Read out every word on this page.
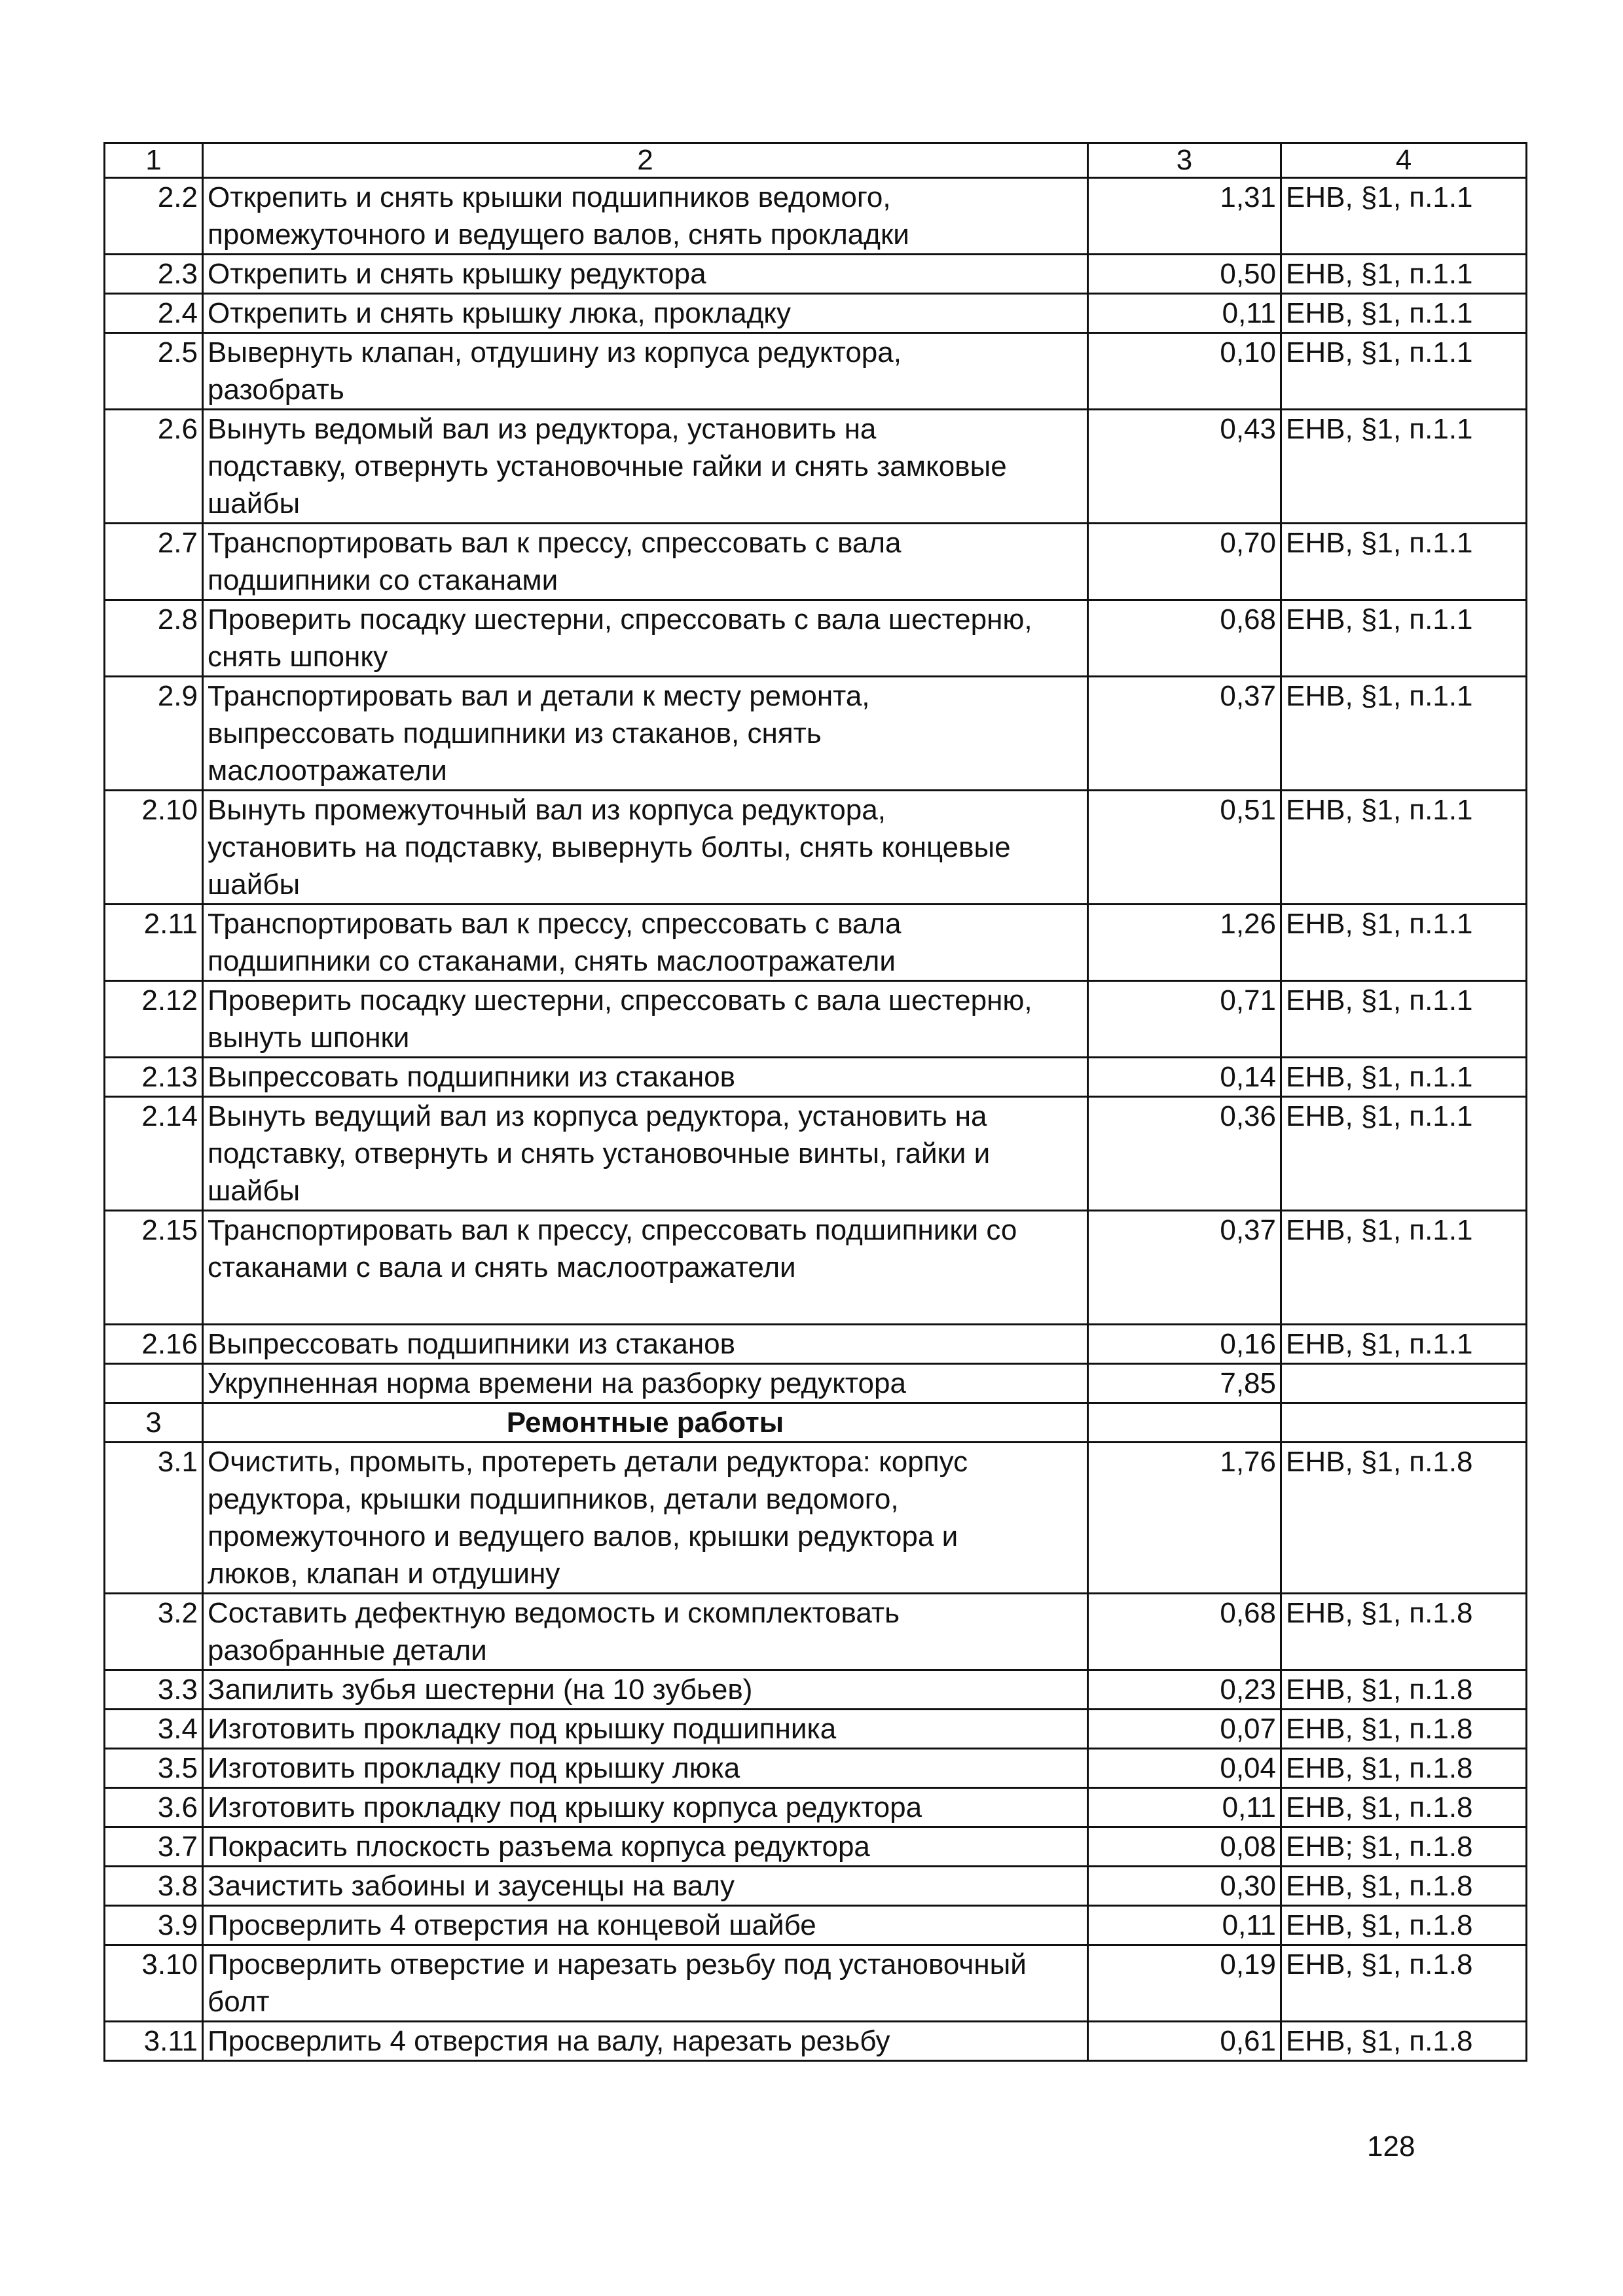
1	2	3	4
2.2	Открепить и снять крышки подшипников ведомого,
промежуточного и ведущего валов, снять прокладки	1,31	ЕНВ, §1, п.1.1
2.3	Открепить и снять крышку редуктора	0,50	ЕНВ, §1, п.1.1
2.4	Открепить и снять крышку люка, прокладку	0,11	ЕНВ, §1, п.1.1
2.5	Вывернуть клапан, отдушину из корпуса редуктора,
разобрать	0,10	ЕНВ, §1, п.1.1
2.6	Вынуть ведомый вал из редуктора, установить на
подставку, отвернуть установочные гайки и снять замковые
шайбы	0,43	ЕНВ, §1, п.1.1
2.7	Транспортировать вал к прессу, спрессовать с вала
подшипники со стаканами	0,70	ЕНВ, §1, п.1.1
2.8	Проверить посадку шестерни, спрессовать с вала шестерню,
снять шпонку	0,68	ЕНВ, §1, п.1.1
2.9	Транспортировать вал и детали к месту ремонта,
выпрессовать подшипники из стаканов, снять
маслоотражатели	0,37	ЕНВ, §1, п.1.1
2.10	Вынуть промежуточный вал из корпуса редуктора,
установить на подставку, вывернуть болты, снять концевые
шайбы	0,51	ЕНВ, §1, п.1.1
2.11	Транспортировать вал к прессу, спрессовать с вала
подшипники со стаканами, снять маслоотражатели	1,26	ЕНВ, §1, п.1.1
2.12	Проверить посадку шестерни, спрессовать с вала шестерню,
вынуть шпонки	0,71	ЕНВ, §1, п.1.1
2.13	Выпрессовать подшипники из стаканов	0,14	ЕНВ, §1, п.1.1
2.14	Вынуть ведущий вал из корпуса редуктора, установить на
подставку, отвернуть и снять установочные винты, гайки и
шайбы	0,36	ЕНВ, §1, п.1.1
2.15	Транспортировать вал к прессу, спрессовать подшипники со
стаканами с вала и снять маслоотражатели	0,37	ЕНВ, §1, п.1.1
2.16	Выпрессовать подшипники из стаканов	0,16	ЕНВ, §1, п.1.1
	Укрупненная норма времени на разборку редуктора	7,85	
3	Ремонтные работы		
3.1	Очистить, промыть, протереть детали редуктора: корпус
редуктора, крышки подшипников, детали ведомого,
промежуточного и ведущего валов, крышки редуктора и
люков, клапан и отдушину	1,76	ЕНВ, §1, п.1.8
3.2	Составить дефектную ведомость и скомплектовать
разобранные детали	0,68	ЕНВ, §1, п.1.8
3.3	Запилить зубья шестерни (на 10 зубьев)	0,23	ЕНВ, §1, п.1.8
3.4	Изготовить прокладку под крышку подшипника	0,07	ЕНВ, §1, п.1.8
3.5	Изготовить прокладку под крышку люка	0,04	ЕНВ, §1, п.1.8
3.6	Изготовить прокладку под крышку корпуса редуктора	0,11	ЕНВ, §1, п.1.8
3.7	Покрасить плоскость разъема корпуса редуктора	0,08	ЕНВ; §1, п.1.8
3.8	Зачистить забоины и заусенцы на валу	0,30	ЕНВ, §1, п.1.8
3.9	Просверлить 4 отверстия на концевой шайбе	0,11	ЕНВ, §1, п.1.8
3.10	Просверлить отверстие и нарезать резьбу под установочный
болт	0,19	ЕНВ, §1, п.1.8
3.11	Просверлить 4 отверстия на валу, нарезать резьбу	0,61	ЕНВ, §1, п.1.8
128
